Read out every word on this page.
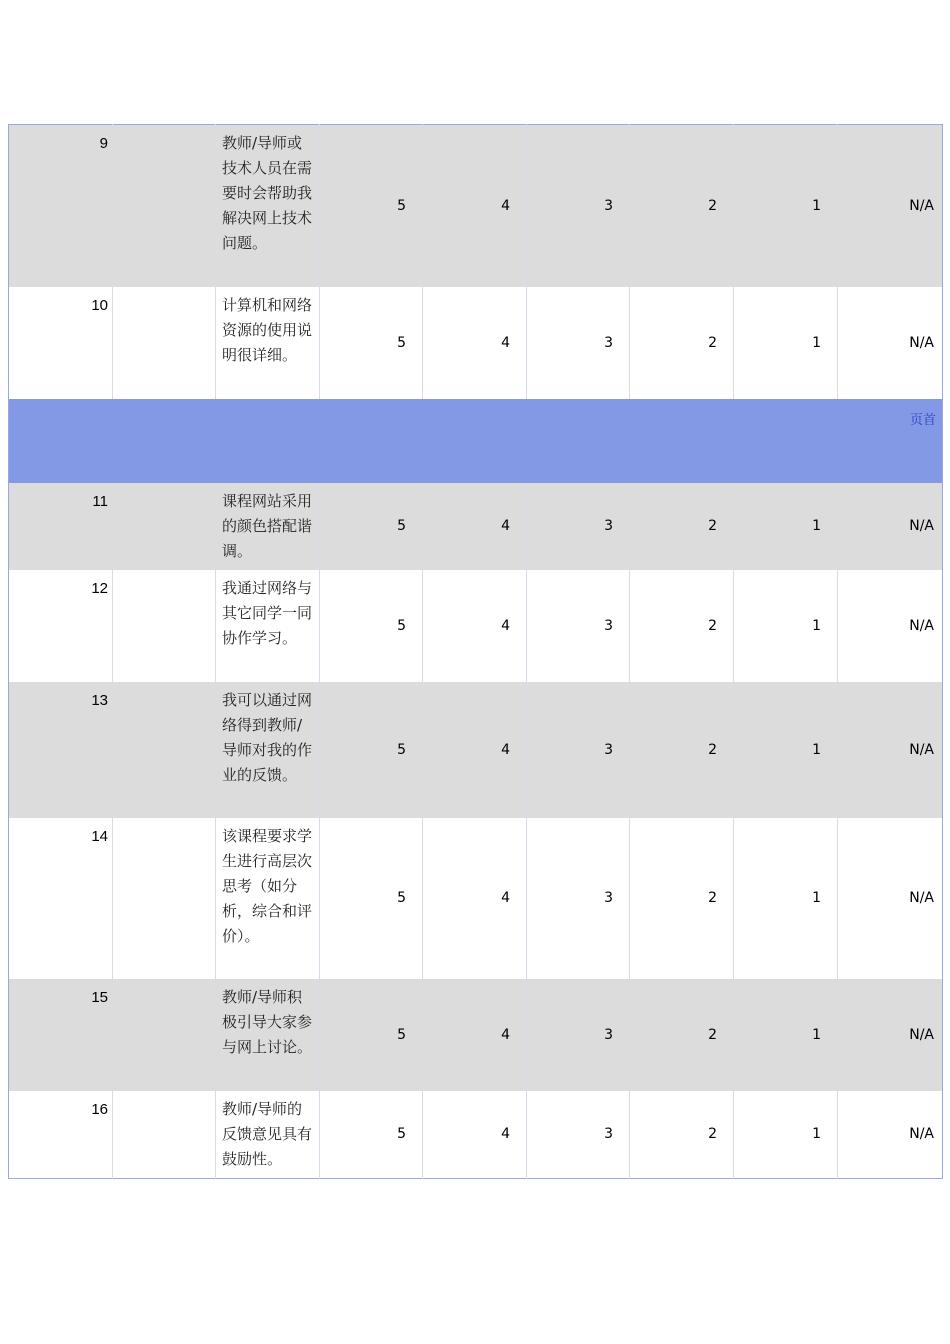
9		教师/导师或技术人员在需要时会帮助我解决网上技术问题。	5	4	3	2	1	N/A
10		计算机和网络资源的使用说明很详细。	5	4	3	2	1	N/A
页首								
11		课程网站采用的颜色搭配谐调。	5	4	3	2	1	N/A
12		我通过网络与其它同学一同协作学习。	5	4	3	2	1	N/A
13		我可以通过网络得到教师/导师对我的作业的反馈。	5	4	3	2	1	N/A
14		该课程要求学生进行高层次思考（如分析，综合和评价）。	5	4	3	2	1	N/A
15		教师/导师积极引导大家参与网上讨论。	5	4	3	2	1	N/A
16		教师/导师的反馈意见具有鼓励性。	5	4	3	2	1	N/A
